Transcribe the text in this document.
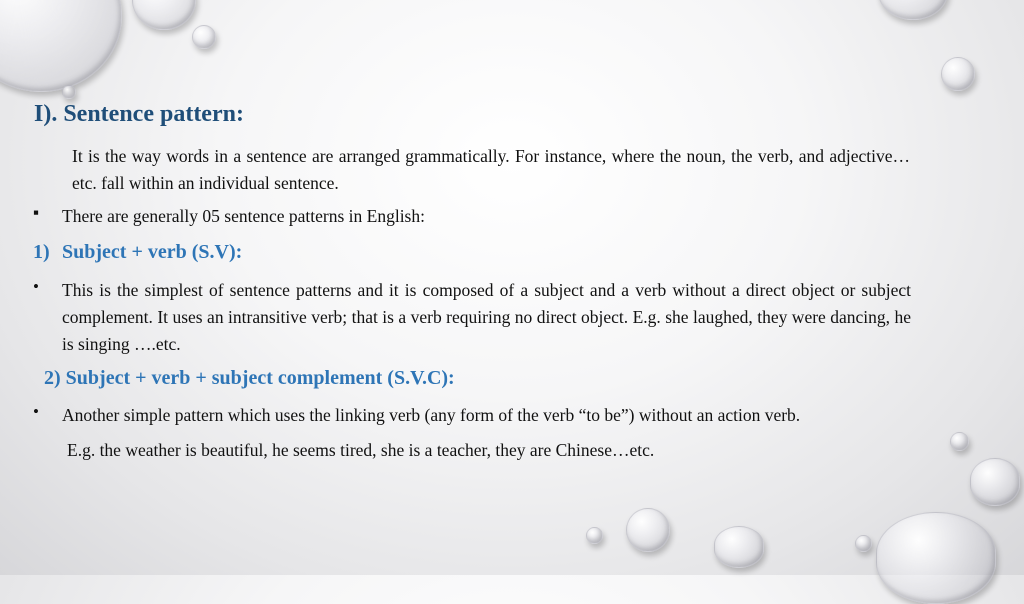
I). Sentence pattern:
It is the way words in a sentence are arranged grammatically. For instance, where the noun, the verb, and adjective…etc. fall within an individual sentence.
▪ There are generally 05 sentence patterns in English:
1) Subject + verb (S.V):
• This is the simplest of sentence patterns and it is composed of a subject and a verb without a direct object or subject complement. It uses an intransitive verb; that is a verb requiring no direct object. E.g. she laughed, they were dancing, he is singing ….etc.
2) Subject + verb + subject complement (S.V.C):
• Another simple pattern which uses the linking verb (any form of the verb “to be”) without an action verb.
E.g. the weather is beautiful, he seems tired, she is a teacher, they are Chinese…etc.
